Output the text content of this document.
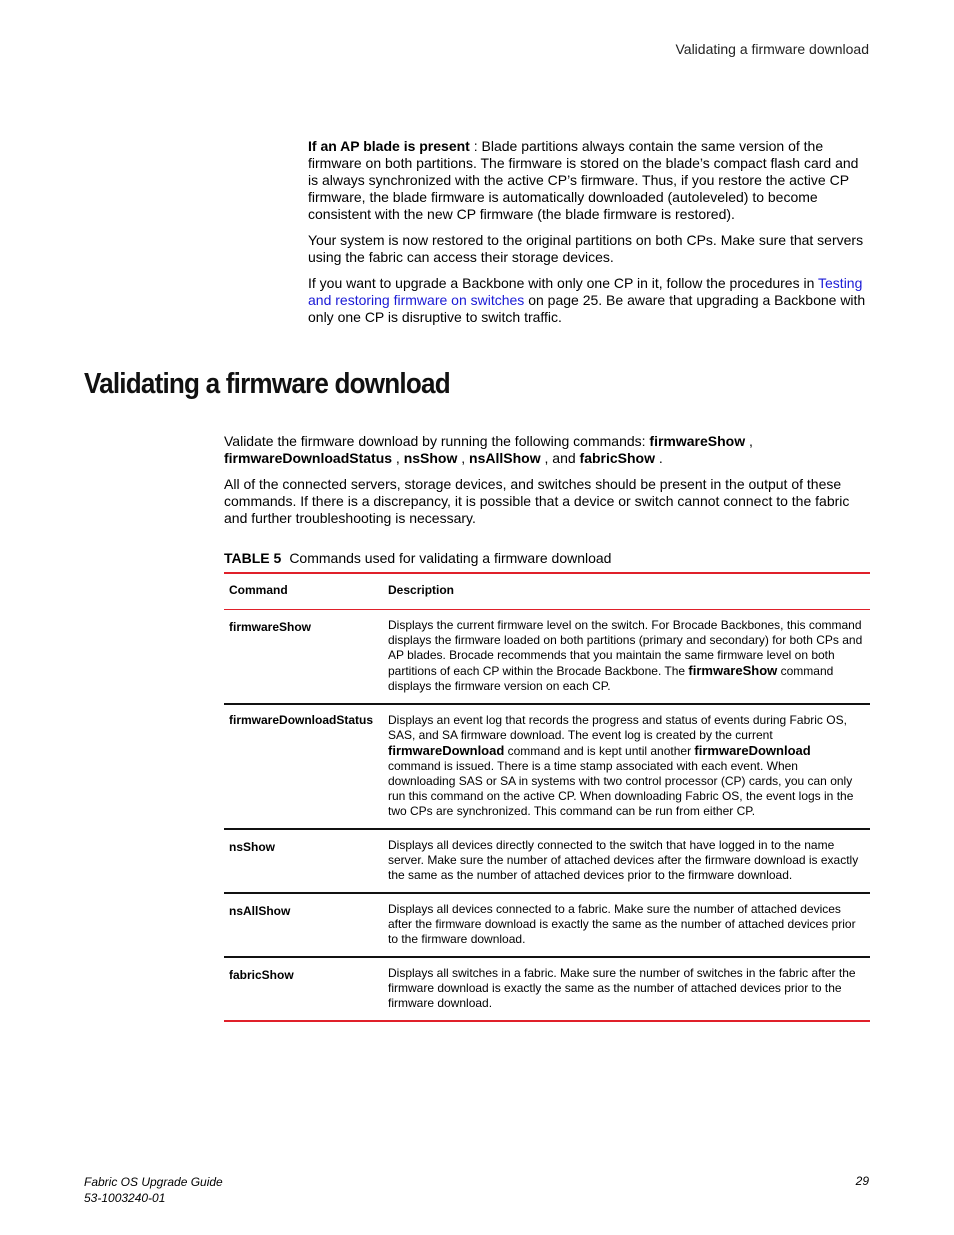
Validating a firmware download

If an AP blade is present : Blade partitions always contain the same version of the firmware on both partitions. The firmware is stored on the blade’s compact flash card and is always synchronized with the active CP’s firmware. Thus, if you restore the active CP firmware, the blade firmware is automatically downloaded (autoleveled) to become consistent with the new CP firmware (the blade firmware is restored).

Your system is now restored to the original partitions on both CPs. Make sure that servers using the fabric can access their storage devices.

If you want to upgrade a Backbone with only one CP in it, follow the procedures in Testing and restoring firmware on switches on page 25. Be aware that upgrading a Backbone with only one CP is disruptive to switch traffic.

Validating a firmware download

Validate the firmware download by running the following commands: firmwareShow , firmwareDownloadStatus , nsShow , nsAllShow , and fabricShow .

All of the connected servers, storage devices, and switches should be present in the output of these commands. If there is a discrepancy, it is possible that a device or switch cannot connect to the fabric and further troubleshooting is necessary.

TABLE 5 Commands used for validating a firmware download
Command	Description
firmwareShow	Displays the current firmware level on the switch. For Brocade Backbones, this command displays the firmware loaded on both partitions (primary and secondary) for both CPs and AP blades. Brocade recommends that you maintain the same firmware level on both partitions of each CP within the Brocade Backbone. The firmwareShow command displays the firmware version on each CP.
firmwareDownloadStatus	Displays an event log that records the progress and status of events during Fabric OS, SAS, and SA firmware download. The event log is created by the current firmwareDownload command and is kept until another firmwareDownload command is issued. There is a time stamp associated with each event. When downloading SAS or SA in systems with two control processor (CP) cards, you can only run this command on the active CP. When downloading Fabric OS, the event logs in the two CPs are synchronized. This command can be run from either CP.
nsShow	Displays all devices directly connected to the switch that have logged in to the name server. Make sure the number of attached devices after the firmware download is exactly the same as the number of attached devices prior to the firmware download.
nsAllShow	Displays all devices connected to a fabric. Make sure the number of attached devices after the firmware download is exactly the same as the number of attached devices prior to the firmware download.
fabricShow	Displays all switches in a fabric. Make sure the number of switches in the fabric after the firmware download is exactly the same as the number of attached devices prior to the firmware download.
Fabric OS Upgrade Guide
53-1003240-01
29
